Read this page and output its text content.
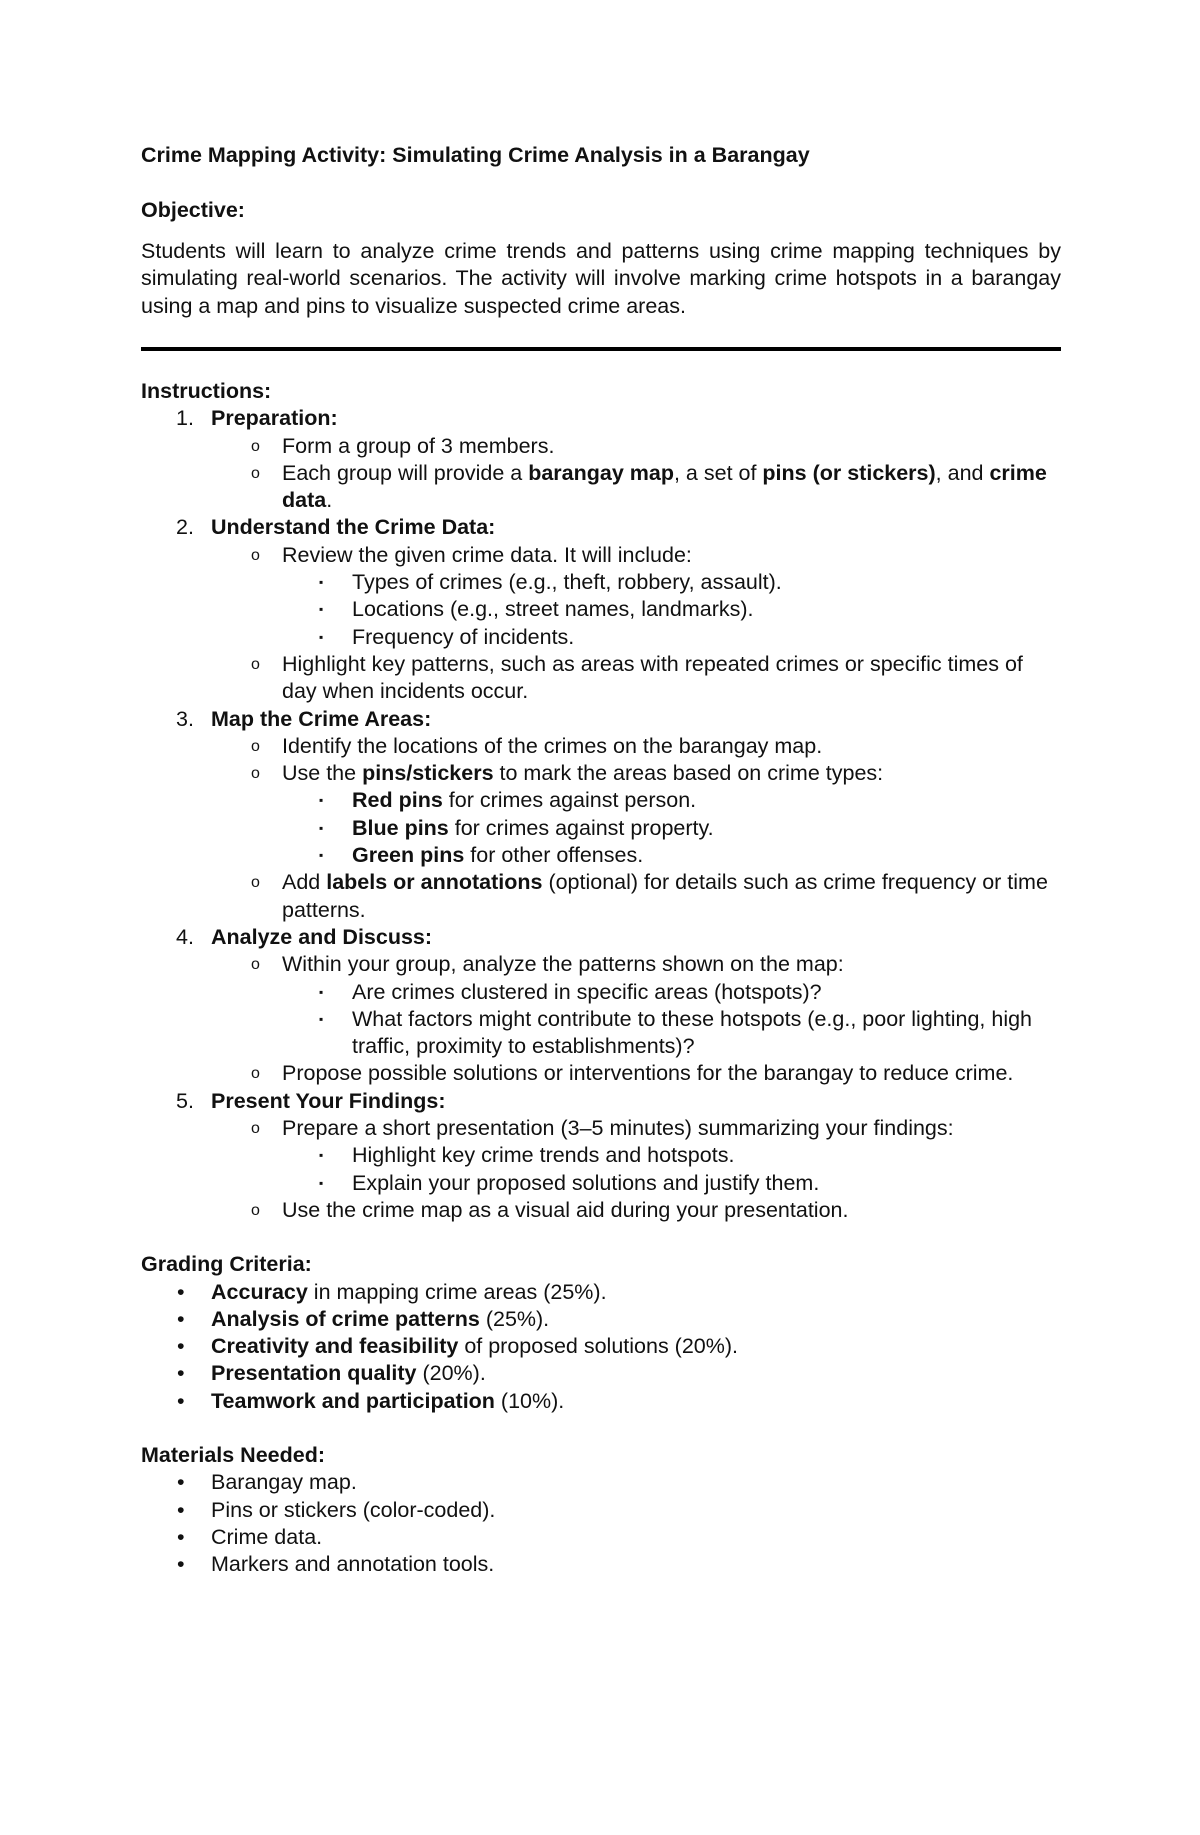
Crime Mapping Activity: Simulating Crime Analysis in a Barangay
Objective:
Students will learn to analyze crime trends and patterns using crime mapping techniques by simulating real-world scenarios. The activity will involve marking crime hotspots in a barangay using a map and pins to visualize suspected crime areas.
Instructions:
1. Preparation:
o Form a group of 3 members.
o Each group will provide a barangay map, a set of pins (or stickers), and crime data.
2. Understand the Crime Data:
o Review the given crime data. It will include:
▪ Types of crimes (e.g., theft, robbery, assault).
▪ Locations (e.g., street names, landmarks).
▪ Frequency of incidents.
o Highlight key patterns, such as areas with repeated crimes or specific times of day when incidents occur.
3. Map the Crime Areas:
o Identify the locations of the crimes on the barangay map.
o Use the pins/stickers to mark the areas based on crime types:
▪ Red pins for crimes against person.
▪ Blue pins for crimes against property.
▪ Green pins for other offenses.
o Add labels or annotations (optional) for details such as crime frequency or time patterns.
4. Analyze and Discuss:
o Within your group, analyze the patterns shown on the map:
▪ Are crimes clustered in specific areas (hotspots)?
▪ What factors might contribute to these hotspots (e.g., poor lighting, high traffic, proximity to establishments)?
o Propose possible solutions or interventions for the barangay to reduce crime.
5. Present Your Findings:
o Prepare a short presentation (3–5 minutes) summarizing your findings:
▪ Highlight key crime trends and hotspots.
▪ Explain your proposed solutions and justify them.
o Use the crime map as a visual aid during your presentation.
Grading Criteria:
• Accuracy in mapping crime areas (25%).
• Analysis of crime patterns (25%).
• Creativity and feasibility of proposed solutions (20%).
• Presentation quality (20%).
• Teamwork and participation (10%).
Materials Needed:
• Barangay map.
• Pins or stickers (color-coded).
• Crime data.
• Markers and annotation tools.
